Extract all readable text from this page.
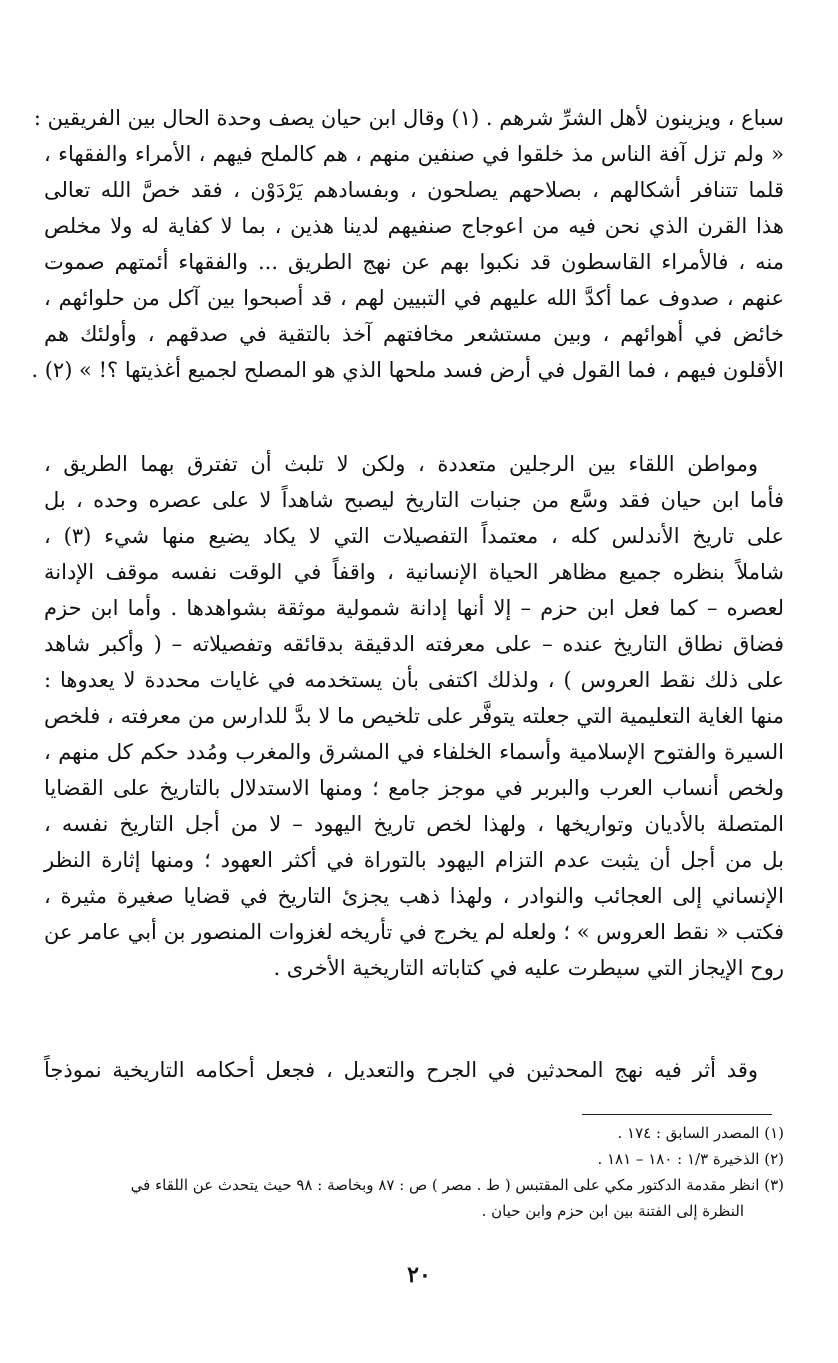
سباع ، ويزينون لأهل الشرِّ شرهم . (١) وقال ابن حيان يصف وحدة الحال بين الفريقين :
« ولم تزل آفة الناس مذ خلقوا في صنفين منهم ، هم كالملح فيهم ، الأمراء والفقهاء ،
قلما تتنافر أشكالهم ، بصلاحهم يصلحون ، وبفسادهم يَرْدَوْن ، فقد خصَّ الله تعالى
هذا القرن الذي نحن فيه من اعوجاج صنفيهم لدينا هذين ، بما لا كفاية له ولا مخلص
منه ، فالأمراء القاسطون قد نكبوا بهم عن نهج الطريق ... والفقهاء أئمتهم صموت
عنهم ، صدوف عما أكدَّ الله عليهم في التبيين لهم ، قد أصبحوا بين آكل من حلوائهم ،
خائض في أهوائهم ، وبين مستشعر مخافتهم آخذ بالتقية في صدقهم ، وأولئك هم
الأقلون فيهم ، فما القول في أرض فسد ملحها الذي هو المصلح لجميع أغذيتها ؟! » (٢) .
ومواطن اللقاء بين الرجلين متعددة ، ولكن لا تلبث أن تفترق بهما الطريق ،
فأما ابن حيان فقد وسَّع من جنبات التاريخ ليصبح شاهداً لا على عصره وحده ، بل
على تاريخ الأندلس كله ، معتمداً التفصيلات التي لا يكاد يضيع منها شيء (٣) ،
شاملاً بنظره جميع مظاهر الحياة الإنسانية ، واقفاً في الوقت نفسه موقف الإدانة
لعصره – كما فعل ابن حزم – إلا أنها إدانة شمولية موثقة بشواهدها . وأما ابن حزم
فضاق نطاق التاريخ عنده – على معرفته الدقيقة بدقائقه وتفصيلاته – ( وأكبر شاهد
على ذلك نقط العروس ) ، ولذلك اكتفى بأن يستخدمه في غايات محددة لا يعدوها :
منها الغاية التعليمية التي جعلته يتوفَّر على تلخيص ما لا بدَّ للدارس من معرفته ، فلخص
السيرة والفتوح الإسلامية وأسماء الخلفاء في المشرق والمغرب ومُدد حكم كل منهم ،
ولخص أنساب العرب والبربر في موجز جامع ؛ ومنها الاستدلال بالتاريخ على القضايا
المتصلة بالأديان وتواريخها ، ولهذا لخص تاريخ اليهود – لا من أجل التاريخ نفسه ،
بل من أجل أن يثبت عدم التزام اليهود بالتوراة في أكثر العهود ؛ ومنها إثارة النظر
الإنساني إلى العجائب والنوادر ، ولهذا ذهب يجزئ التاريخ في قضايا صغيرة مثيرة ،
فكتب « نقط العروس » ؛ ولعله لم يخرج في تأريخه لغزوات المنصور بن أبي عامر عن
روح الإيجاز التي سيطرت عليه في كتاباته التاريخية الأخرى .
وقد أثر فيه نهج المحدثين في الجرح والتعديل ، فجعل أحكامه التاريخية نموذجاً
(١) المصدر السابق : ١٧٤ .
(٢) الذخيرة ١/٣ : ١٨٠ – ١٨١ .
(٣) انظر مقدمة الدكتور مكي على المقتبس ( ط . مصر ) ص : ٨٧ وبخاصة : ٩٨ حيث يتحدث عن اللقاء في
النظرة إلى الفتنة بين ابن حزم وابن حيان .
٢٠
